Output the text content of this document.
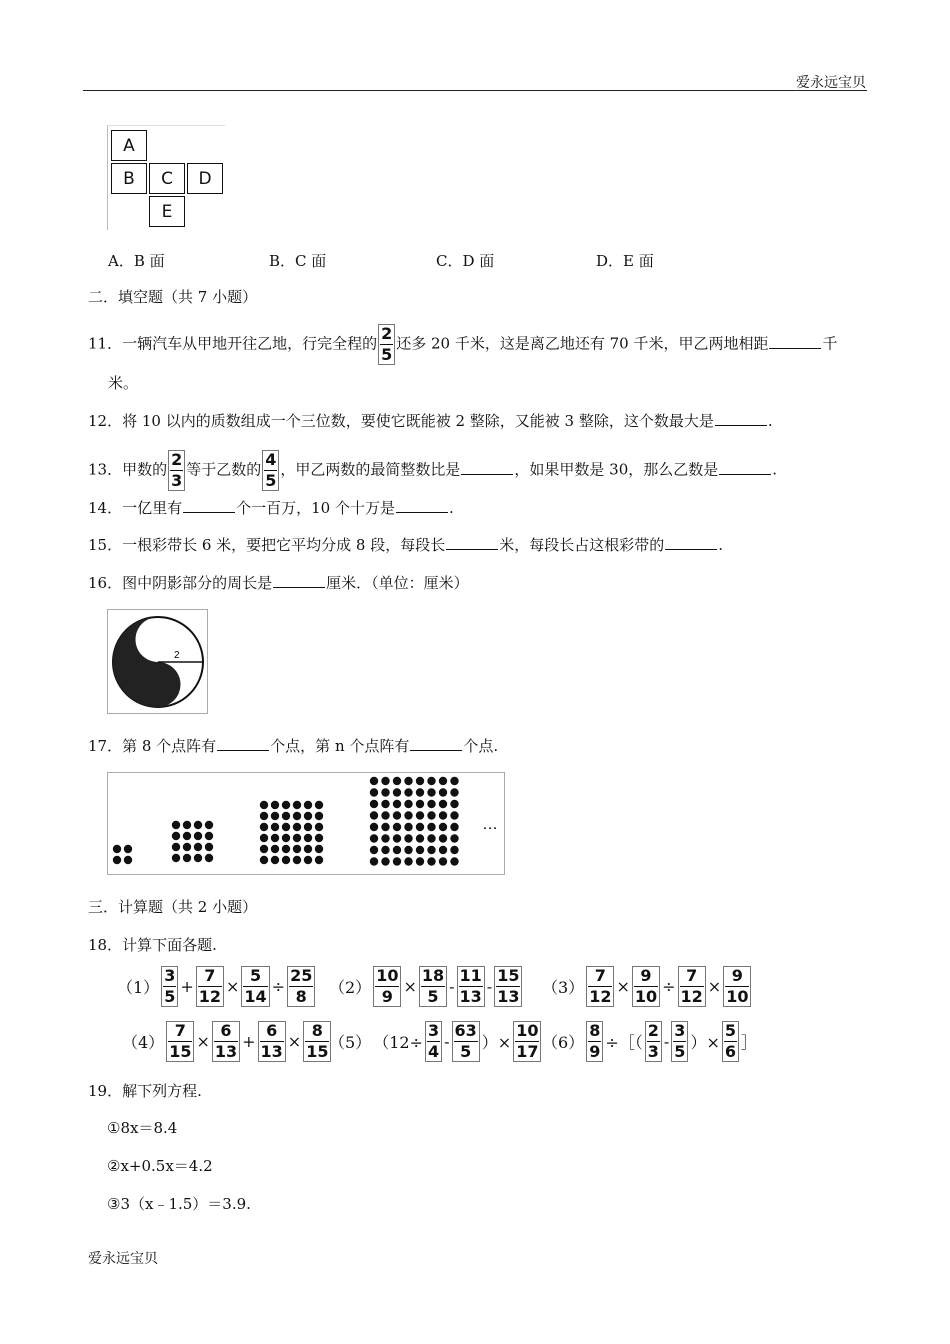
爱永远宝贝
A
B	C	D
E
A．B 面	B．C 面	C．D 面	D．E 面
二．填空题（共 7 小题）
11．一辆汽车从甲地开往乙地，行完全程的 $\frac{2}{5}$ 还多 20 千米，这是离乙地还有 70 千米，甲乙两地相距	千
米。
12．将 10 以内的质数组成一个三位数，要使它既能被 2 整除，又能被 3 整除，这个数最大是	.
13．甲数的 $\frac{2}{3}$ 等于乙数的 $\frac{4}{5}$ ，甲乙两数的最简整数比是	，如果甲数是 30，那么乙数是	.
14．一亿里有	个一百万，10 个十万是	.
15．一根彩带长 6 米，要把它平均分成 8 段，每段长	米，每段长占这根彩带的	.
16．图中阴影部分的周长是	厘米．（单位：厘米）
2
17．第 8 个点阵有	个点，第 n 个点阵有	个点.
…
三．计算题（共 2 小题）
18．计算下面各题.
$(1) \frac{3}{5} + \frac{7}{12} \times \frac{5}{14} \div \frac{25}{8} (2) \frac{10}{9} \times \frac{18}{5} - \frac{11}{13} - \frac{15}{13} (3) \frac{7}{12} \times \frac{9}{10} \div \frac{7}{12} \times \frac{9}{10}$
$(4) \frac{7}{15} \times \frac{6}{13} + \frac{6}{13} \times \frac{8}{15}$
（5） （$12\div \frac{3}{4} - \frac{63}{5}$ ）× $\frac{10}{17} (6) \frac{8}{9}$ ÷［（ $\frac{2}{3} - \frac{3}{5}$ ）× $\frac{5}{6}$ ］
19．解下列方程.
①8x＝8.4
②x+0.5x＝4.2
③3（x﹣1.5）＝3.9.
爱永远宝贝
